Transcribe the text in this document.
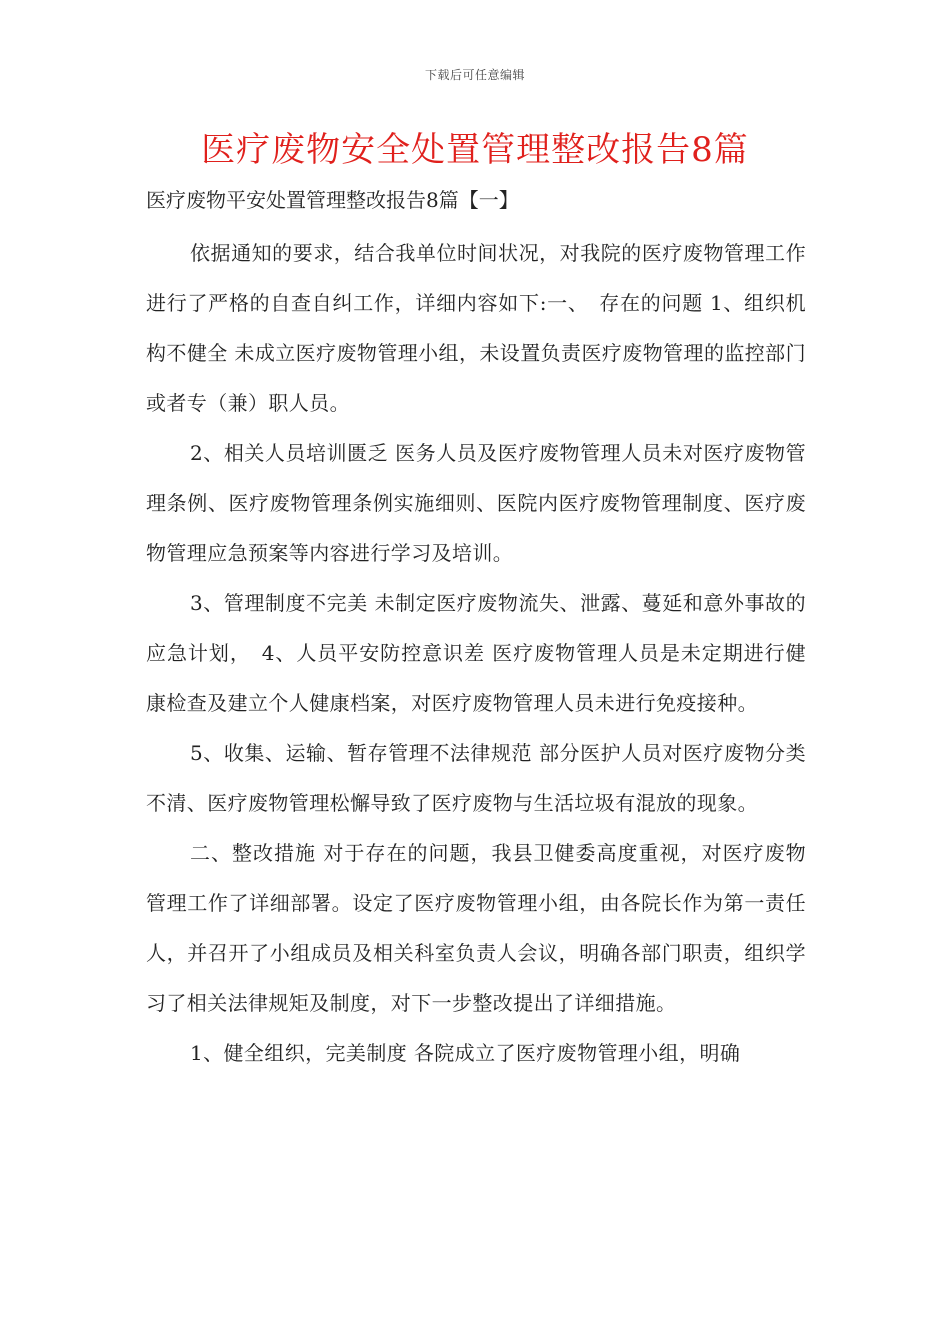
下载后可任意编辑
医疗废物安全处置管理整改报告8篇
医疗废物平安处置管理整改报告8篇【一】

依据通知的要求，结合我单位时间状况，对我院的医疗废物管理工作进行了严格的自查自纠工作，详细内容如下:一、　存在的问题 1、组织机构不健全 未成立医疗废物管理小组，未设置负责医疗废物管理的监控部门或者专（兼）职人员。

2、相关人员培训匮乏 医务人员及医疗废物管理人员未对医疗废物管理条例、医疗废物管理条例实施细则、医院内医疗废物管理制度、医疗废物管理应急预案等内容进行学习及培训。

3、管理制度不完美 未制定医疗废物流失、泄露、蔓延和意外事故的应急计划，　4、人员平安防控意识差 医疗废物管理人员是未定期进行健康检查及建立个人健康档案，对医疗废物管理人员未进行免疫接种。

5、收集、运输、暂存管理不法律规范 部分医护人员对医疗废物分类不清、医疗废物管理松懈导致了医疗废物与生活垃圾有混放的现象。

二、整改措施 对于存在的问题，我县卫健委高度重视，对医疗废物管理工作了详细部署。设定了医疗废物管理小组，由各院长作为第一责任人，并召开了小组成员及相关科室负责人会议，明确各部门职责，组织学习了相关法律规矩及制度，对下一步整改提出了详细措施。

1、健全组织，完美制度 各院成立了医疗废物管理小组，明确
